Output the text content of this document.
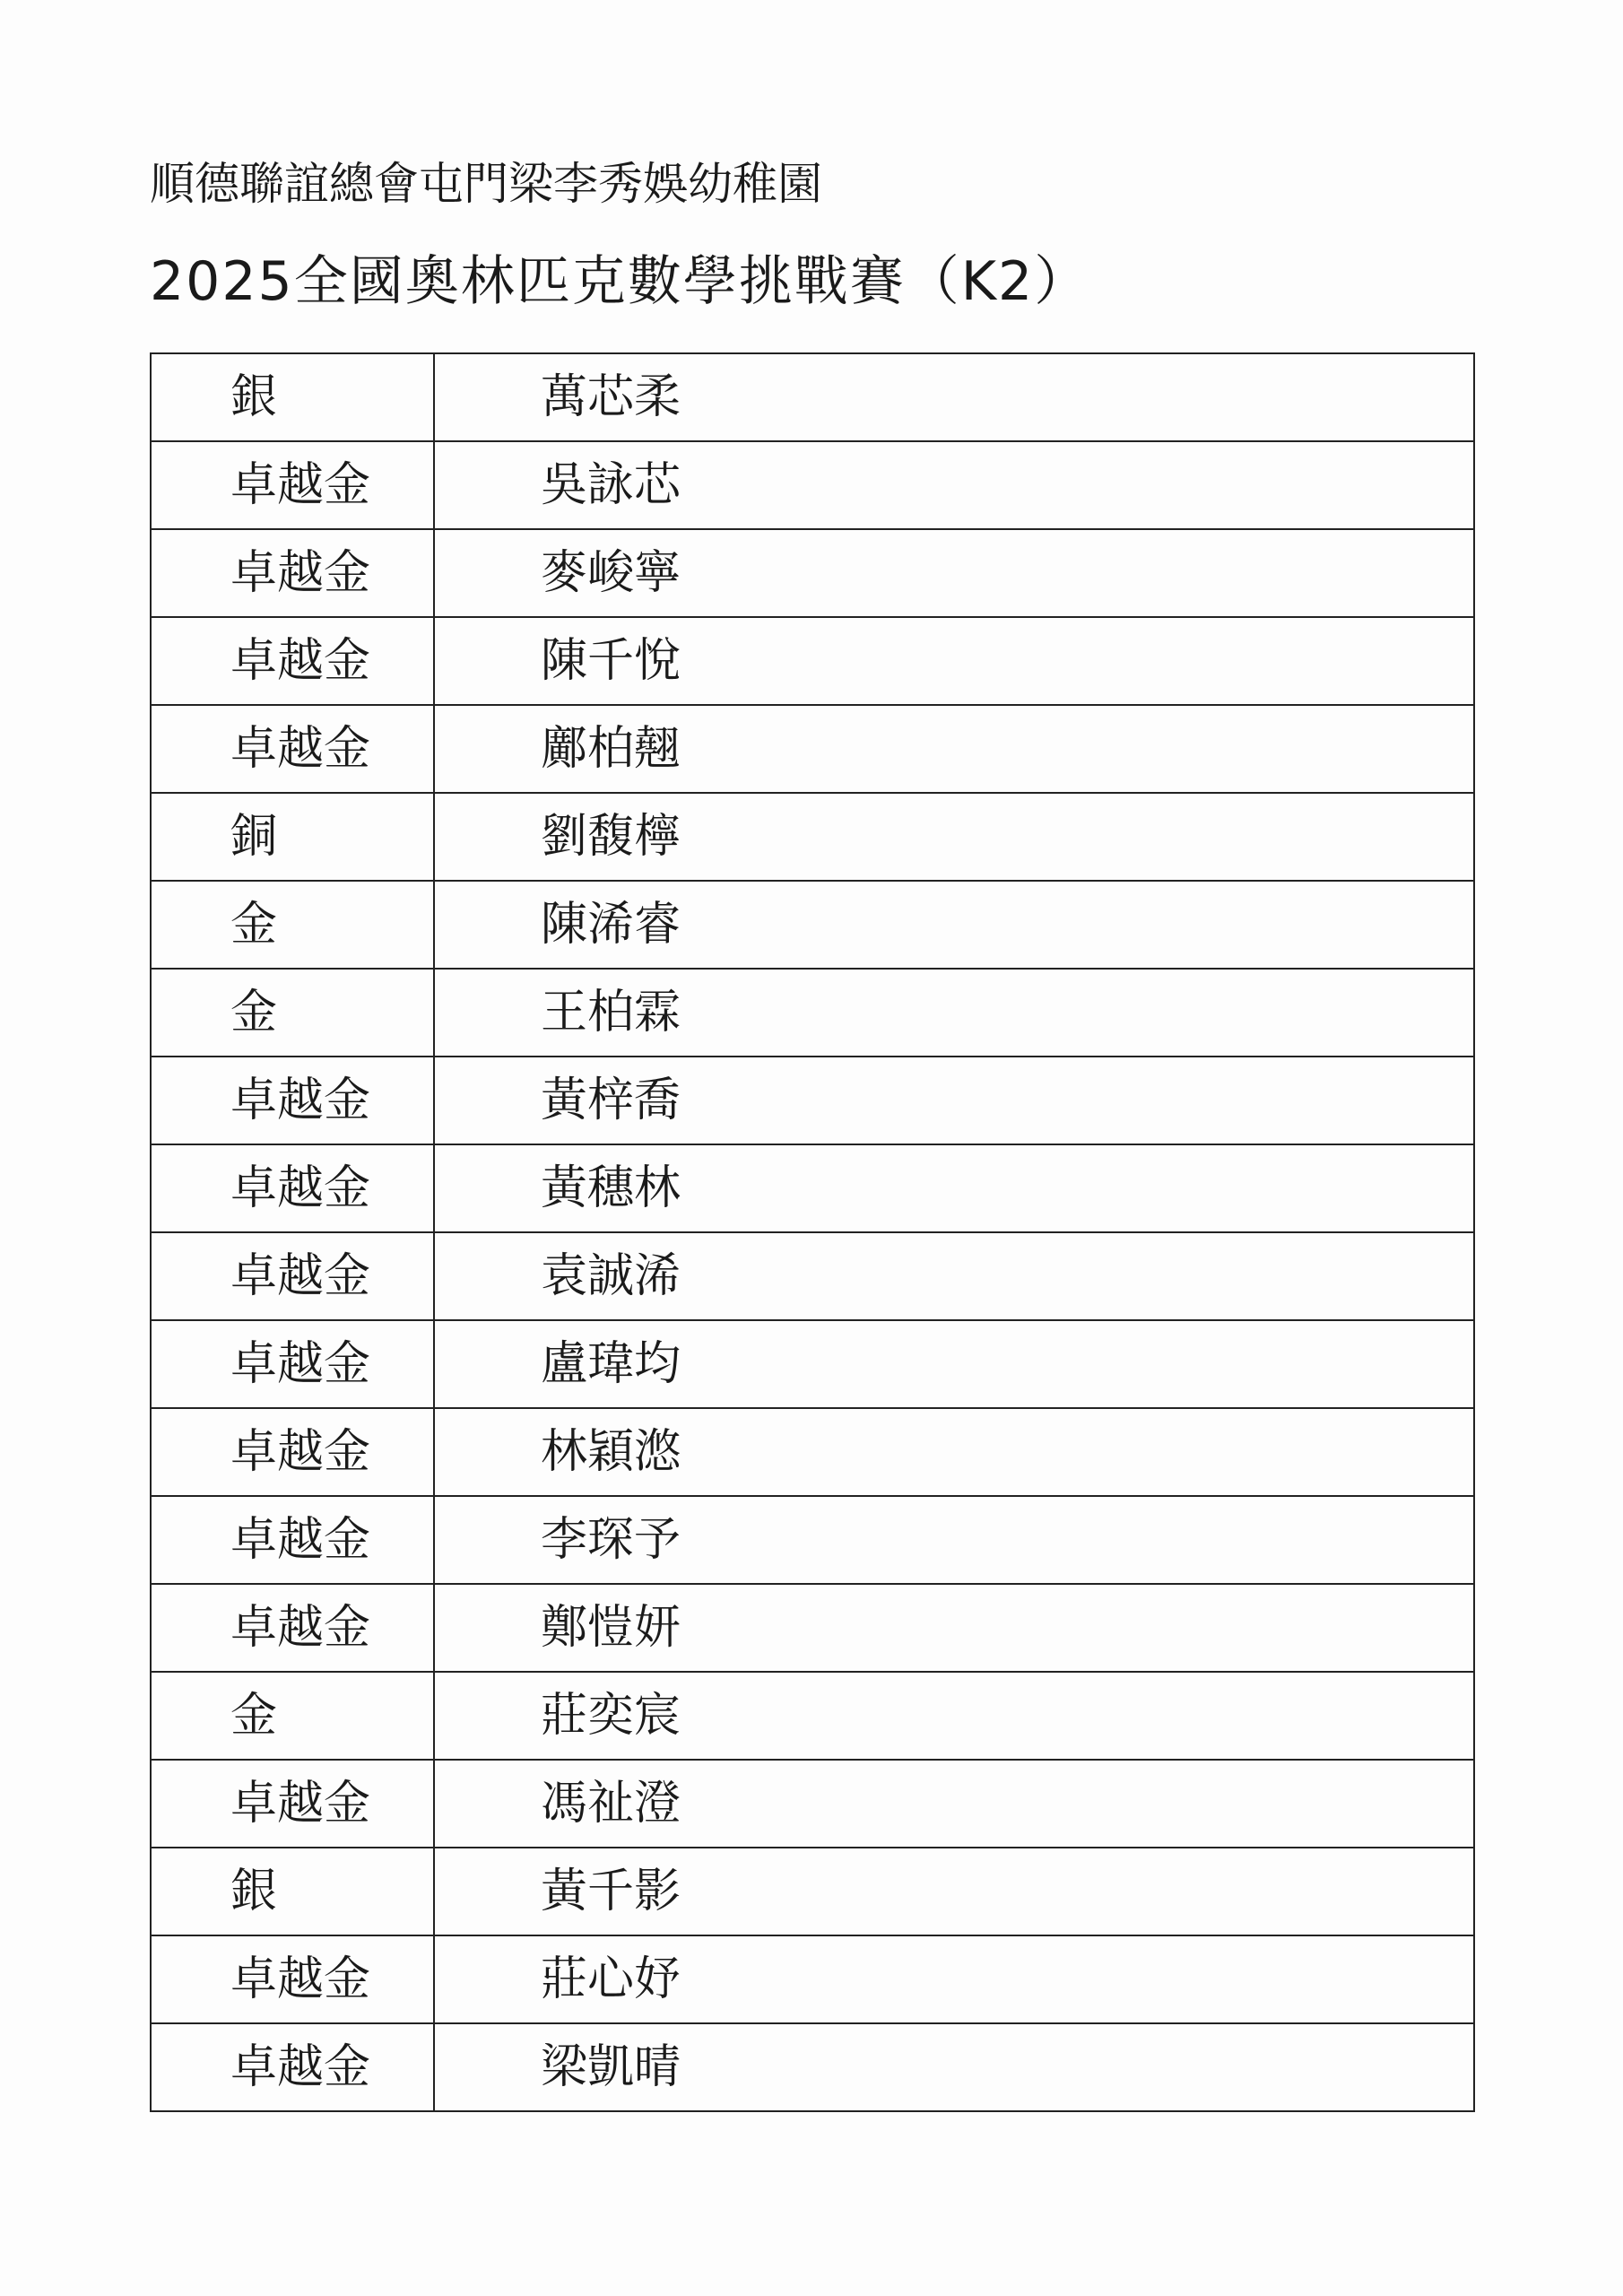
順德聯誼總會屯門梁李秀娛幼稚園
2025全國奧林匹克數學挑戰賽（K2）
銀	萬芯柔
卓越金	吳詠芯
卓越金	麥峻寧
卓越金	陳千悅
卓越金	鄺柏翹
銅	劉馥檸
金	陳浠睿
金	王柏霖
卓越金	黃梓喬
卓越金	黃穗林
卓越金	袁誠浠
卓越金	盧瑋均
卓越金	林穎滺
卓越金	李琛予
卓越金	鄭愷妍
金	莊奕宸
卓越金	馮祉澄
銀	黃千影
卓越金	莊心妤
卓越金	梁凱晴
